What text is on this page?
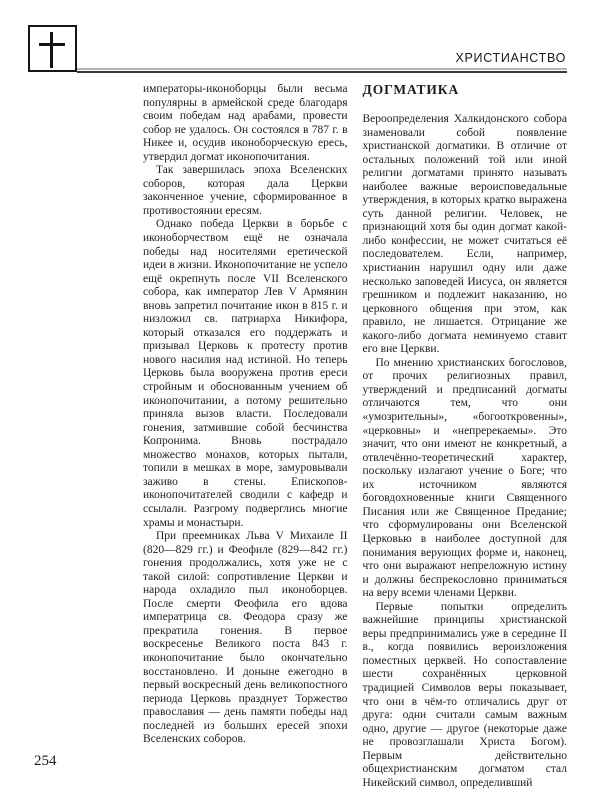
ХРИСТИАНСТВО

императоры-иконоборцы были весьма популярны в армейской среде благодаря своим победам над арабами, провести собор не удалось. Он состоялся в 787 г. в Никее и, осудив иконоборческую ересь, утвердил догмат иконопочитания.

Так завершилась эпоха Вселенских соборов, которая дала Церкви законченное учение, сформированное в противостоянии ересям.

Однако победа Церкви в борьбе с иконоборчеством ещё не означала победы над носителями еретической идеи в жизни. Иконопочитание не успело ещё окрепнуть после VII Вселенского собора, как император Лев V Армянин вновь запретил почитание икон в 815 г. и низложил св. патриарха Никифора, который отказался его поддержать и призывал Церковь к протесту против нового насилия над истиной. Но теперь Церковь была вооружена против ереси стройным и обоснованным учением об иконопочитании, а потому решительно приняла вызов власти. Последовали гонения, затмившие собой бесчинства Копронима. Вновь пострадало множество монахов, которых пытали, топили в мешках в море, замуровывали заживо в стены. Епископов-иконопочитателей сводили с кафедр и ссылали. Разгрому подверглись многие храмы и монастыри.

При преемниках Льва V Михаиле II (820—829 гг.) и Феофиле (829—842 гг.) гонения продолжались, хотя уже не с такой силой: сопротивление Церкви и народа охладило пыл иконоборцев. После смерти Феофила его вдова императрица св. Феодора сразу же прекратила гонения. В первое воскресенье Великого поста 843 г. иконопочитание было окончательно восстановлено. И доныне ежегодно в первый воскресный день великопостного периода Церковь празднует Торжество православия — день памяти победы над последней из больших ересей эпохи Вселенских соборов.

ДОГМАТИКА

Вероопределения Халкидонского собора знаменовали собой появление христианской догматики. В отличие от остальных положений той или иной религии догматами принято называть наиболее важные вероисповедальные утверждения, в которых кратко выражена суть данной религии. Человек, не признающий хотя бы один догмат какой-либо конфессии, не может считаться её последователем. Если, например, христианин нарушил одну или даже несколько заповедей Иисуса, он является грешником и подлежит наказанию, но церковного общения при этом, как правило, не лишается. Отрицание же какого-либо догмата неминуемо ставит его вне Церкви.

По мнению христианских богословов, от прочих религиозных правил, утверждений и предписаний догматы отличаются тем, что они «умозрительны», «богооткровенны», «церковны» и «непререкаемы». Это значит, что они имеют не конкретный, а отвлечённо-теоретический характер, поскольку излагают учение о Боге; что их источником являются боговдохновенные книги Священного Писания или же Священное Предание; что сформулированы они Вселенской Церковью в наиболее доступной для понимания верующих форме и, наконец, что они выражают непреложную истину и должны беспрекословно приниматься на веру всеми членами Церкви.

Первые попытки определить важнейшие принципы христианской веры предпринимались уже в середине II в., когда появились вероизложения поместных церквей. Но сопоставление шести сохранённых церковной традицией Символов веры показывает, что они в чём-то отличались друг от друга: одни считали самым важным одно, другие — другое (некоторые даже не провозглашали Христа Богом). Первым действительно общехристианским догматом стал Никейский символ, определивший

254
